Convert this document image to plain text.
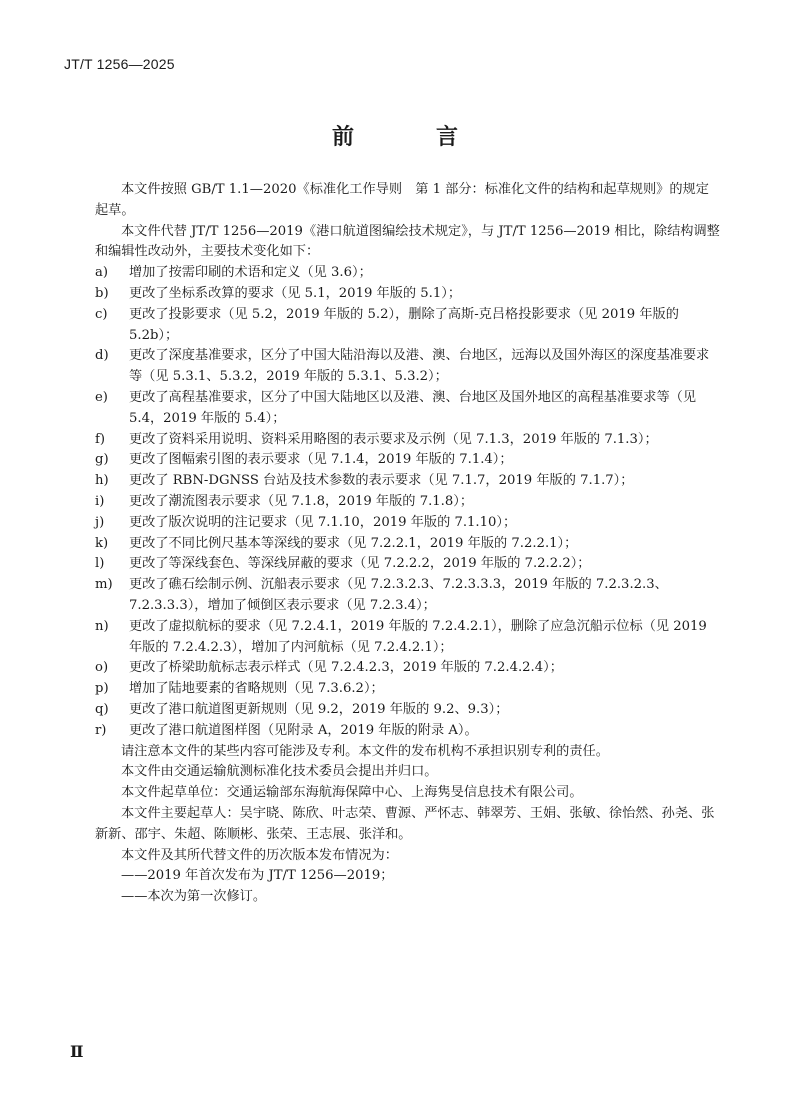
JT/T 1256—2025
前　言

本文件按照 GB/T 1.1—2020《标准化工作导则　第 1 部分：标准化文件的结构和起草规则》的规定起草。

本文件代替 JT/T 1256—2019《港口航道图编绘技术规定》，与 JT/T 1256—2019 相比，除结构调整和编辑性改动外，主要技术变化如下：

a)	增加了按需印刷的术语和定义（见 3.6）；
b)	更改了坐标系改算的要求（见 5.1，2019 年版的 5.1）；
c)	更改了投影要求（见 5.2，2019 年版的 5.2），删除了高斯-克吕格投影要求（见 2019 年版的 5.2b）；
d)	更改了深度基准要求，区分了中国大陆沿海以及港、澳、台地区，远海以及国外海区的深度基准要求等（见 5.3.1、5.3.2，2019 年版的 5.3.1、5.3.2）；
e)	更改了高程基准要求，区分了中国大陆地区以及港、澳、台地区及国外地区的高程基准要求等（见 5.4，2019 年版的 5.4）；
f)	更改了资料采用说明、资料采用略图的表示要求及示例（见 7.1.3，2019 年版的 7.1.3）；
g)	更改了图幅索引图的表示要求（见 7.1.4，2019 年版的 7.1.4）；
h)	更改了 RBN-DGNSS 台站及技术参数的表示要求（见 7.1.7，2019 年版的 7.1.7）；
i)	更改了潮流图表示要求（见 7.1.8，2019 年版的 7.1.8）；
j)	更改了版次说明的注记要求（见 7.1.10，2019 年版的 7.1.10）；
k)	更改了不同比例尺基本等深线的要求（见 7.2.2.1，2019 年版的 7.2.2.1）；
l)	更改了等深线套色、等深线屏蔽的要求（见 7.2.2.2，2019 年版的 7.2.2.2）；
m)	更改了礁石绘制示例、沉船表示要求（见 7.2.3.2.3、7.2.3.3.3，2019 年版的 7.2.3.2.3、7.2.3.3.3），增加了倾倒区表示要求（见 7.2.3.4）；
n)	更改了虚拟航标的要求（见 7.2.4.1，2019 年版的 7.2.4.2.1），删除了应急沉船示位标（见 2019 年版的 7.2.4.2.3），增加了内河航标（见 7.2.4.2.1）；
o)	更改了桥梁助航标志表示样式（见 7.2.4.2.3，2019 年版的 7.2.4.2.4）；
p)	增加了陆地要素的省略规则（见 7.3.6.2）；
q)	更改了港口航道图更新规则（见 9.2，2019 年版的 9.2、9.3）；
r)	更改了港口航道图样图（见附录 A，2019 年版的附录 A）。

请注意本文件的某些内容可能涉及专利。本文件的发布机构不承担识别专利的责任。

本文件由交通运输航测标准化技术委员会提出并归口。

本文件起草单位：交通运输部东海航海保障中心、上海隽旻信息技术有限公司。

本文件主要起草人：吴宇晓、陈欣、叶志荣、曹源、严怀志、韩翠芳、王娟、张敏、徐怡然、孙尧、张新新、邵宇、朱超、陈顺彬、张荣、王志展、张洋和。

本文件及其所代替文件的历次版本发布情况为：

——2019 年首次发布为 JT/T 1256—2019；

——本次为第一次修订。

Ⅱ
